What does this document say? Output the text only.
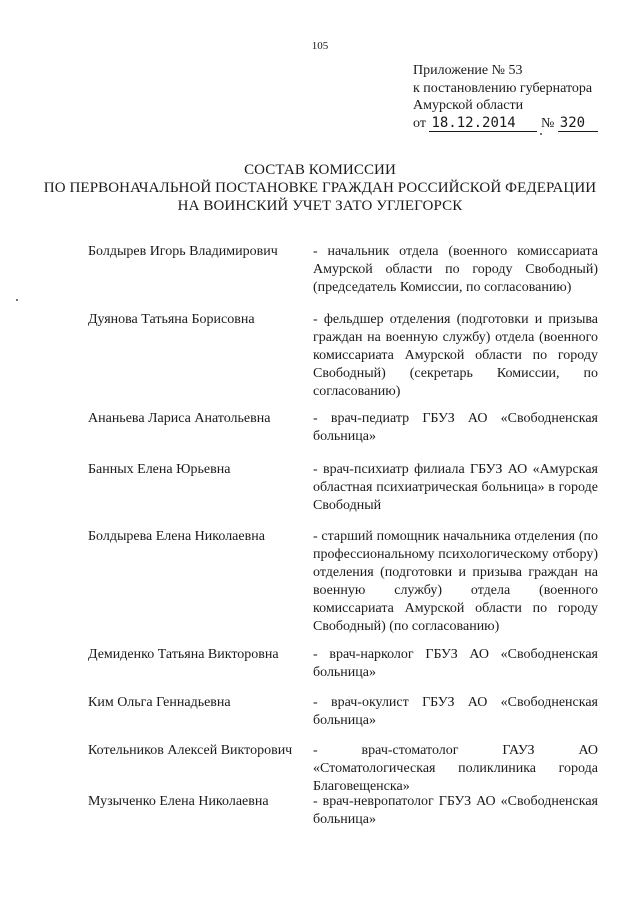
105
Приложение № 53
к постановлению губернатора
Амурской области
от 18.12.2014 № 320
СОСТАВ КОМИССИИ
ПО ПЕРВОНАЧАЛЬНОЙ ПОСТАНОВКЕ ГРАЖДАН РОССИЙСКОЙ ФЕДЕРАЦИИ
НА ВОИНСКИЙ УЧЕТ ЗАТО УГЛЕГОРСК
Болдырев Игорь Владимирович	- начальник отдела (военного комиссариата Амурской области по городу Свободный) (председатель Комиссии, по согласованию)
Дуянова Татьяна Борисовна	- фельдшер отделения (подготовки и призыва граждан на военную службу) отдела (военного комиссариата Амурской области по городу Свободный) (секретарь Комиссии, по согласованию)
Ананьева Лариса Анатольевна	- врач-педиатр ГБУЗ АО «Свободненская больница»
Банных Елена Юрьевна	- врач-психиатр филиала ГБУЗ АО «Амурская областная психиатрическая больница» в городе Свободный
Болдырева Елена Николаевна	- старший помощник начальника отделения (по профессиональному психологическому отбору) отделения (подготовки и призыва граждан на военную службу) отдела (военного комиссариата Амурской области по городу Свободный) (по согласованию)
Демиденко Татьяна Викторовна	- врач-нарколог ГБУЗ АО «Свободненская больница»
Ким Ольга Геннадьевна	- врач-окулист ГБУЗ АО «Свободненская больница»
Котельников Алексей Викторович	- врач-стоматолог ГАУЗ АО «Стоматологическая поликлиника города Благовещенска»
Музыченко Елена Николаевна	- врач-невропатолог ГБУЗ АО «Свободненская больница»
